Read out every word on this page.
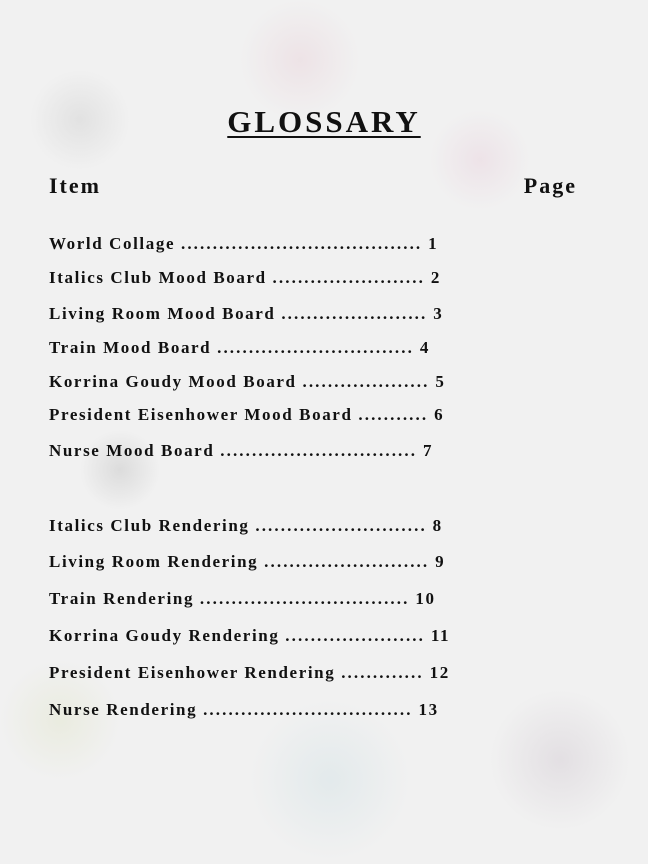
GLOSSARY
Item	Page
World Collage ...................................... 1
Italics Club Mood Board ........................ 2
Living Room Mood Board ....................... 3
Train Mood Board ............................... 4
Korrina Goudy Mood Board .................... 5
President Eisenhower Mood Board ........... 6
Nurse Mood Board ............................... 7
Italics Club Rendering ........................... 8
Living Room Rendering .......................... 9
Train Rendering ................................. 10
Korrina Goudy Rendering ...................... 11
President Eisenhower Rendering ............. 12
Nurse Rendering ................................. 13
